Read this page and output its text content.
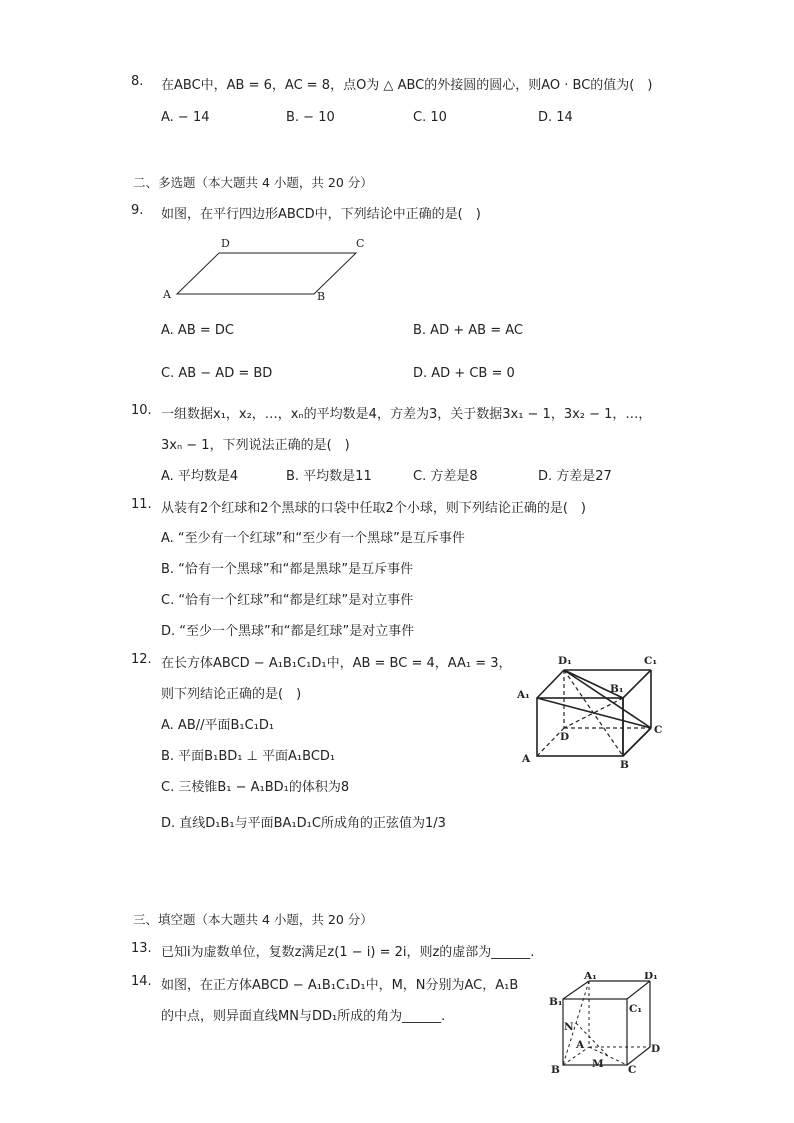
8. 在ABC中，AB = 6，AC = 8，点O为 △ ABC的外接圆的圆心，则AO · BC的值为(　)
A. − 14	B. − 10	C. 10	D. 14
二、多选题（本大题共 4 小题，共 20 分）
9. 如图，在平行四边形ABCD中，下列结论中正确的是(　)
A	B
C
D
A. AB = DC	B. AD + AB = AC
C. AB − AD = BD	D. AD + CB = 0
10. 一组数据x₁，x₂，…，xₙ的平均数是4，方差为3，关于数据3x₁ − 1，3x₂ − 1，…，
3xₙ − 1，下列说法正确的是(　)
A. 平均数是4	B. 平均数是11	C. 方差是8	D. 方差是27
11. 从装有2个红球和2个黑球的口袋中任取2个小球，则下列结论正确的是(　)
A. “至少有一个红球”和“至少有一个黑球”是互斥事件
B. “恰有一个黑球”和“都是黑球”是互斥事件
C. “恰有一个红球”和“都是红球”是对立事件
D. “至少一个黑球”和“都是红球”是对立事件
12. 在长方体ABCD − A₁B₁C₁D₁中，AB = BC = 4，AA₁ = 3，
则下列结论正确的是(　)
A. AB//平面B₁C₁D₁
B. 平面B₁BD₁ ⊥ 平面A₁BCD₁
C. 三棱锥B₁ − A₁BD₁的体积为8
D. 直线D₁B₁与平面BA₁D₁C所成角的正弦值为1/3
D₁	C₁
B₁
A₁
D
C
A	B
三、填空题（本大题共 4 小题，共 20 分）
13. 已知i为虚数单位，复数z满足z(1 − i) = 2i，则z的虚部为______.
14. 如图，在正方体ABCD − A₁B₁C₁D₁中，M，N分别为AC，A₁B
的中点，则异面直线MN与DD₁所成的角为______.
A₁	D₁
B₁
C₁
N
A	D
B	M C
